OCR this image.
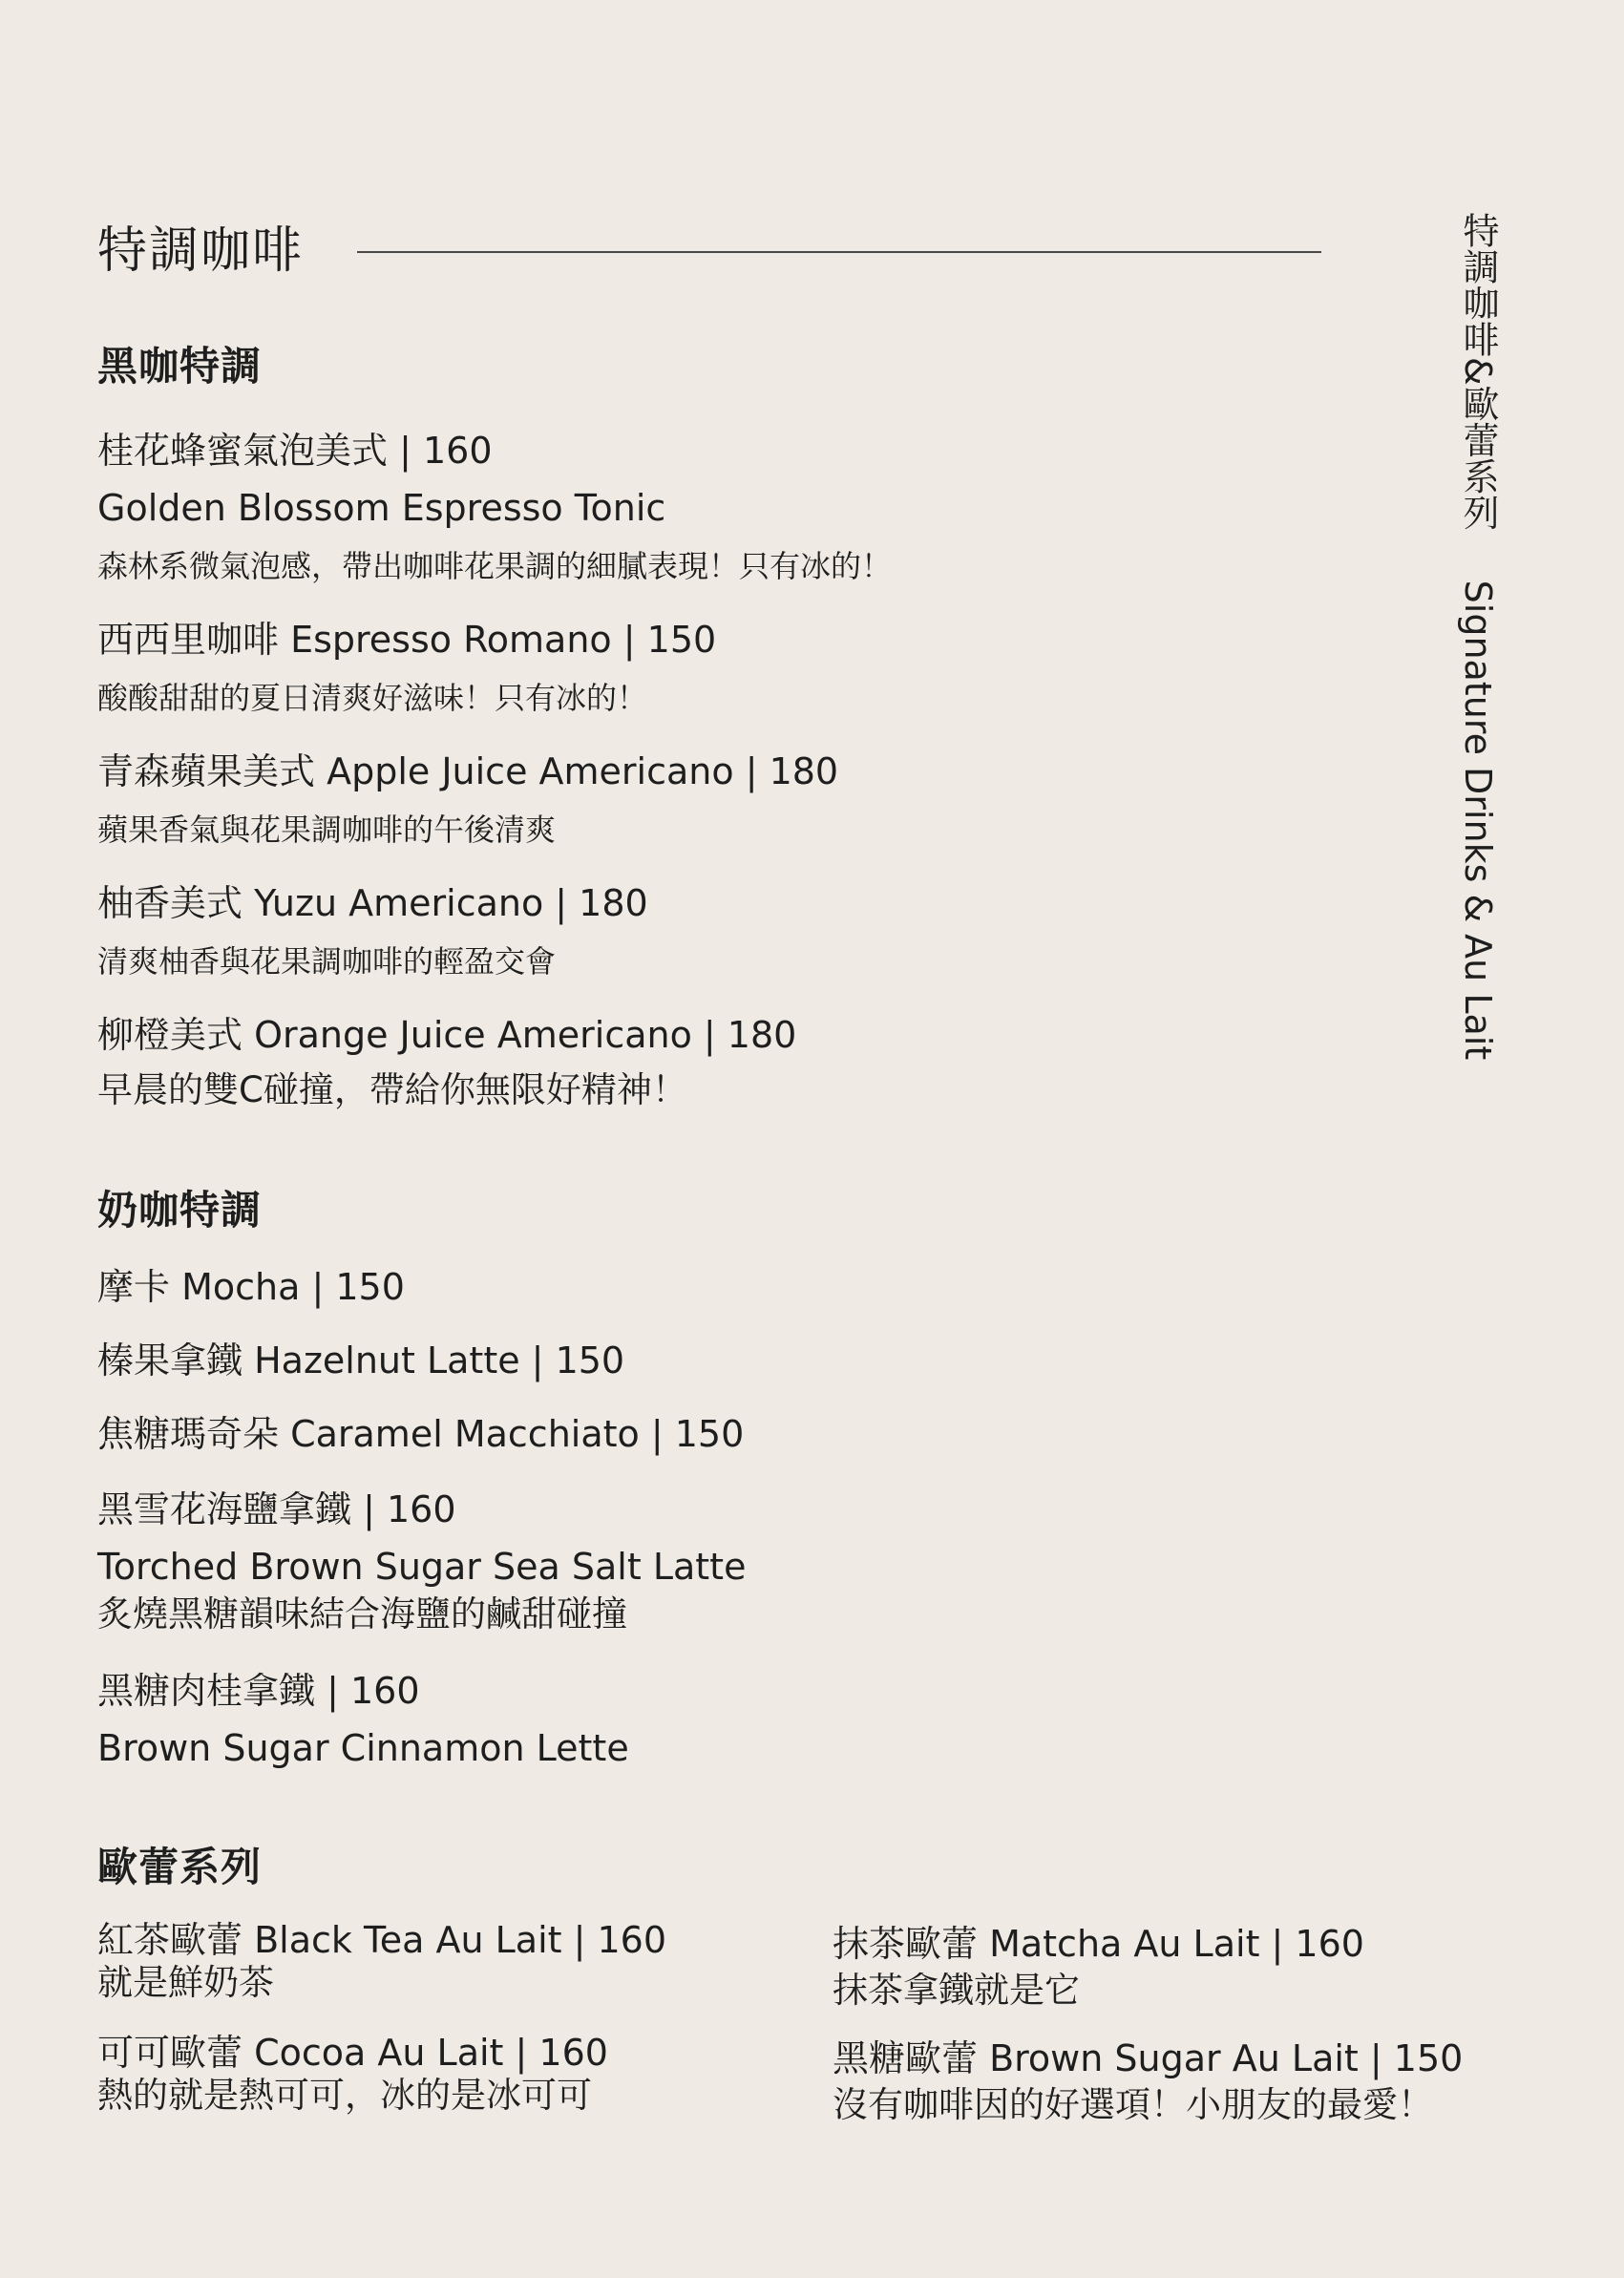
特調咖啡	特調咖啡&歐蕾系列Signature Drinks & Au Lait
黑咖特調
桂花蜂蜜氣泡美式 | 160
Golden Blossom Espresso Tonic
森林系微氣泡感，帶出咖啡花果調的細膩表現！只有冰的！
西西里咖啡 Espresso Romano | 150
酸酸甜甜的夏日清爽好滋味！只有冰的！
青森蘋果美式 Apple Juice Americano | 180
蘋果香氣與花果調咖啡的午後清爽
柚香美式 Yuzu Americano | 180
清爽柚香與花果調咖啡的輕盈交會
柳橙美式 Orange Juice Americano | 180
早晨的雙C碰撞，帶給你無限好精神！
奶咖特調
摩卡 Mocha | 150
榛果拿鐵 Hazelnut Latte | 150
焦糖瑪奇朵 Caramel Macchiato | 150
黑雪花海鹽拿鐵 | 160
Torched Brown Sugar Sea Salt Latte
炙燒黑糖韻味結合海鹽的鹹甜碰撞
黑糖肉桂拿鐵 | 160
Brown Sugar Cinnamon Lette
歐蕾系列
紅茶歐蕾 Black Tea Au Lait | 160
就是鮮奶茶
可可歐蕾 Cocoa Au Lait | 160
熱的就是熱可可，冰的是冰可可
抹茶歐蕾 Matcha Au Lait | 160
抹茶拿鐵就是它
黑糖歐蕾 Brown Sugar Au Lait | 150
沒有咖啡因的好選項！小朋友的最愛！
